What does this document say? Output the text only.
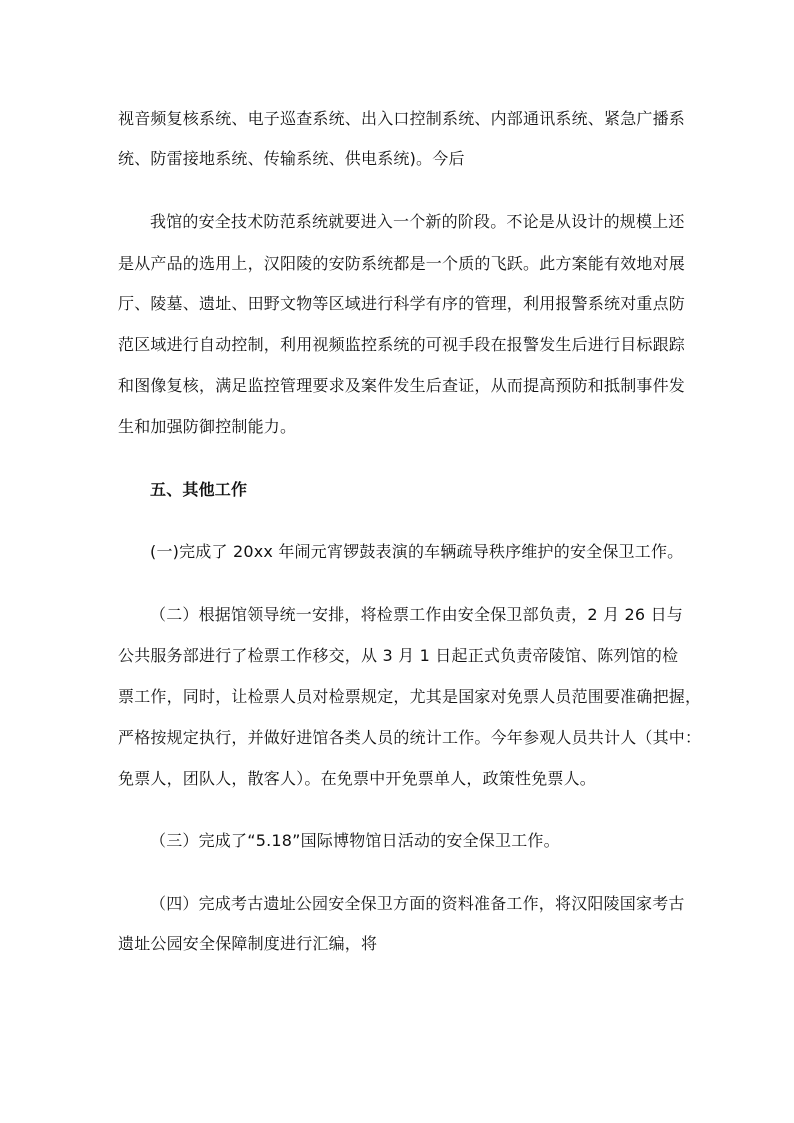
视音频复核系统、电子巡查系统、出入口控制系统、内部通讯系统、紧急广播系
统、防雷接地系统、传输系统、供电系统)。今后
我馆的安全技术防范系统就要进入一个新的阶段。不论是从设计的规模上还
是从产品的选用上，汉阳陵的安防系统都是一个质的飞跃。此方案能有效地对展
厅、陵墓、遗址、田野文物等区域进行科学有序的管理，利用报警系统对重点防
范区域进行自动控制，利用视频监控系统的可视手段在报警发生后进行目标跟踪
和图像复核，满足监控管理要求及案件发生后查证，从而提高预防和抵制事件发
生和加强防御控制能力。
五、其他工作
(一)完成了 20xx 年闹元宵锣鼓表演的车辆疏导秩序维护的安全保卫工作。
（二）根据馆领导统一安排，将检票工作由安全保卫部负责，2 月 26 日与
公共服务部进行了检票工作移交，从 3 月 1 日起正式负责帝陵馆、陈列馆的检
票工作，同时，让检票人员对检票规定，尤其是国家对免票人员范围要准确把握，
严格按规定执行，并做好进馆各类人员的统计工作。今年参观人员共计人（其中：
免票人，团队人，散客人）。在免票中开免票单人，政策性免票人。
（三）完成了“5.18”国际博物馆日活动的安全保卫工作。
（四）完成考古遗址公园安全保卫方面的资料准备工作，将汉阳陵国家考古
遗址公园安全保障制度进行汇编，将
